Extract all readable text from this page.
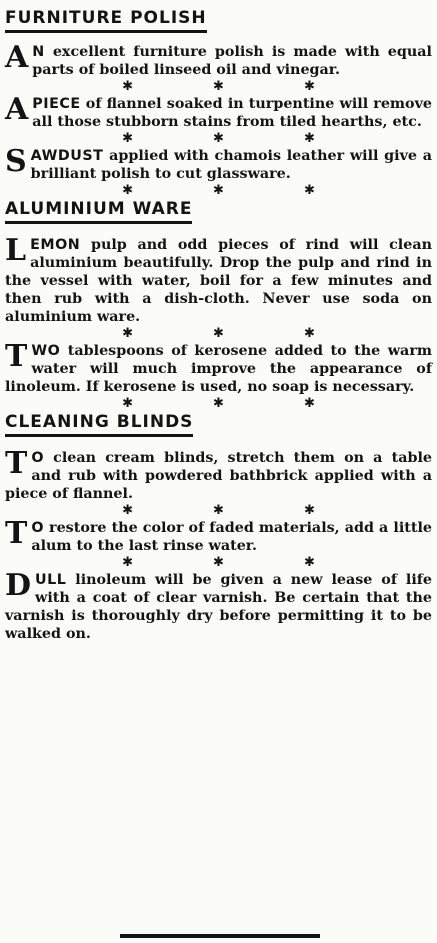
FURNITURE POLISH

A N excellent furniture polish is made with equal parts of boiled linseed oil and vinegar.

✱	✱	✱

A PIECE of flannel soaked in turpentine will remove all those stubborn stains from tiled hearths, etc.

✱	✱	✱

SAWDUST applied with chamois leather will give a brilliant polish to cut glassware.

✱	✱	✱
ALUMINIUM WARE

LEMON pulp and odd pieces of rind will clean aluminium beautifully. Drop the pulp and rind in the vessel with water, boil for a few minutes and then rub with a dish-cloth. Never use soda on aluminium ware.

✱	✱	✱

TWO tablespoons of kerosene added to the warm water will much improve the appearance of linoleum. If kerosene is used, no soap is necessary.

✱	✱	✱
CLEANING BLINDS

T O clean cream blinds, stretch them on a table and rub with powdered bathbrick applied with a piece of flannel.

✱	✱	✱

T O restore the color of faded materials, add a little alum to the last rinse water.

✱	✱	✱

DULL linoleum will be given a new lease of life with a coat of clear varnish. Be certain that the varnish is thoroughly dry before permitting it to be walked on.
